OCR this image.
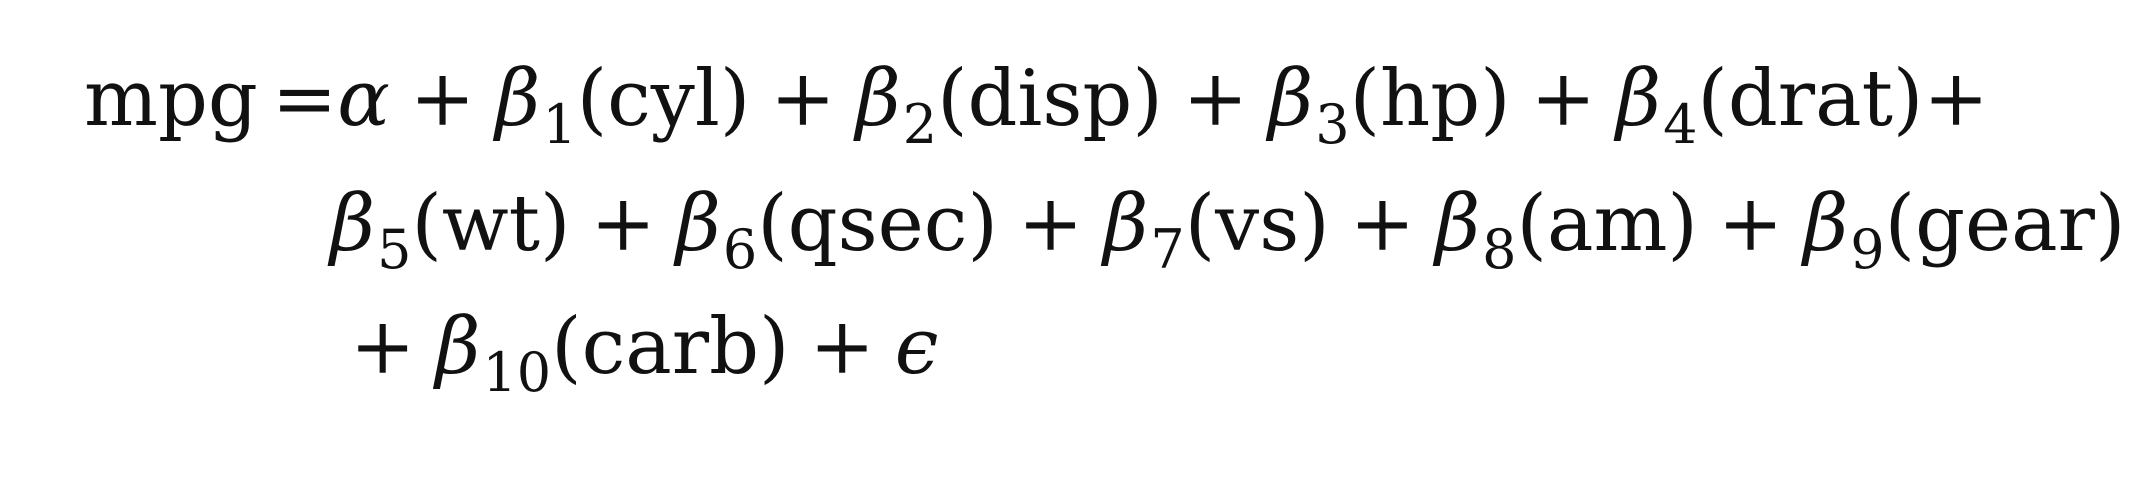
mpg $=\alpha + \beta_1(cyl)$ + $\beta_2(disp) + \beta_3(hp)$ + $\beta_4(drat)+$
$\beta_5(wt) + \beta_6(qsec) + \beta_7(vs) + \beta_8(am)$ + $\beta_9(gear)$
+ $\beta_{10}(carb) + \epsilon$
